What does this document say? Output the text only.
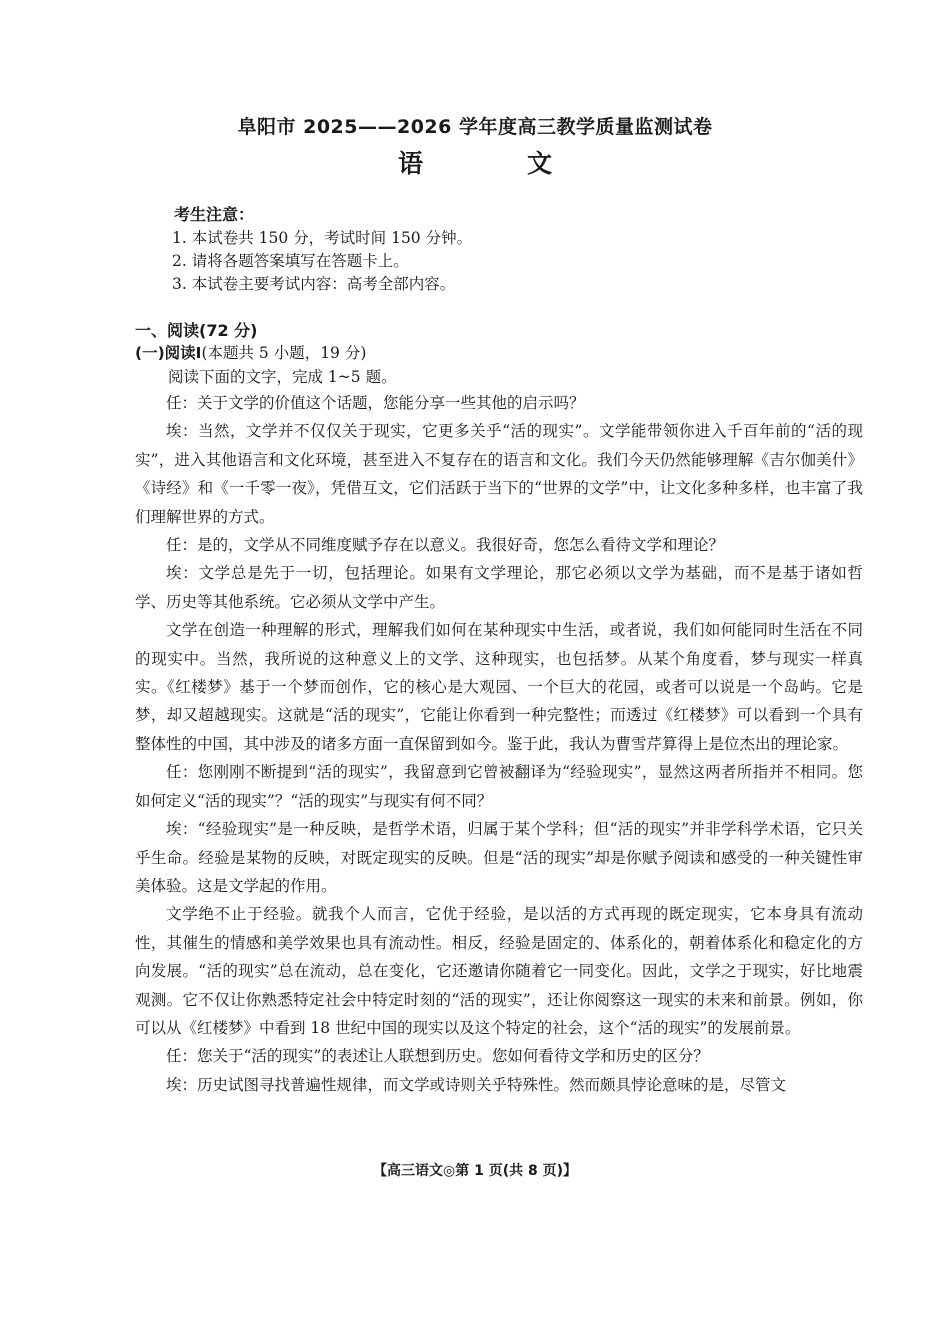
阜阳市 2025——2026 学年度高三教学质量监测试卷
语	文
考生注意：
1. 本试卷共 150 分，考试时间 150 分钟。
2. 请将各题答案填写在答题卡上。
3. 本试卷主要考试内容：高考全部内容。
一、阅读(72 分)
(一)阅读Ⅰ(本题共 5 小题，19 分)
阅读下面的文字，完成 1~5 题。

任：关于文学的价值这个话题，您能分享一些其他的启示吗？

埃：当然，文学并不仅仅关于现实，它更多关乎“活的现实”。文学能带领你进入千百年前的“活的现实”，进入其他语言和文化环境，甚至进入不复存在的语言和文化。我们今天仍然能够理解《吉尔伽美什》《诗经》和《一千零一夜》，凭借互文，它们活跃于当下的“世界的文学”中，让文化多种多样，也丰富了我们理解世界的方式。

任：是的，文学从不同维度赋予存在以意义。我很好奇，您怎么看待文学和理论？

埃：文学总是先于一切，包括理论。如果有文学理论，那它必须以文学为基础，而不是基于诸如哲学、历史等其他系统。它必须从文学中产生。

文学在创造一种理解的形式，理解我们如何在某种现实中生活，或者说，我们如何能同时生活在不同的现实中。当然，我所说的这种意义上的文学、这种现实，也包括梦。从某个角度看，梦与现实一样真实。《红楼梦》基于一个梦而创作，它的核心是大观园、一个巨大的花园，或者可以说是一个岛屿。它是梦，却又超越现实。这就是“活的现实”，它能让你看到一种完整性；而透过《红楼梦》可以看到一个具有整体性的中国，其中涉及的诸多方面一直保留到如今。鉴于此，我认为曹雪芹算得上是位杰出的理论家。

任：您刚刚不断提到“活的现实”，我留意到它曾被翻译为“经验现实”，显然这两者所指并不相同。您如何定义“活的现实”？“活的现实”与现实有何不同？

埃：“经验现实”是一种反映，是哲学术语，归属于某个学科；但“活的现实”并非学科学术语，它只关乎生命。经验是某物的反映，对既定现实的反映。但是“活的现实”却是你赋予阅读和感受的一种关键性审美体验。这是文学起的作用。

文学绝不止于经验。就我个人而言，它优于经验，是以活的方式再现的既定现实，它本身具有流动性，其催生的情感和美学效果也具有流动性。相反，经验是固定的、体系化的，朝着体系化和稳定化的方向发展。“活的现实”总在流动，总在变化，它还邀请你随着它一同变化。因此，文学之于现实，好比地震观测。它不仅让你熟悉特定社会中特定时刻的“活的现实”，还让你阅察这一现实的未来和前景。例如，你可以从《红楼梦》中看到 18 世纪中国的现实以及这个特定的社会，这个“活的现实”的发展前景。

任：您关于“活的现实”的表述让人联想到历史。您如何看待文学和历史的区分？

埃：历史试图寻找普遍性规律，而文学或诗则关乎特殊性。然而颇具悖论意味的是，尽管文

【高三语文◎第 1 页(共 8 页)】
